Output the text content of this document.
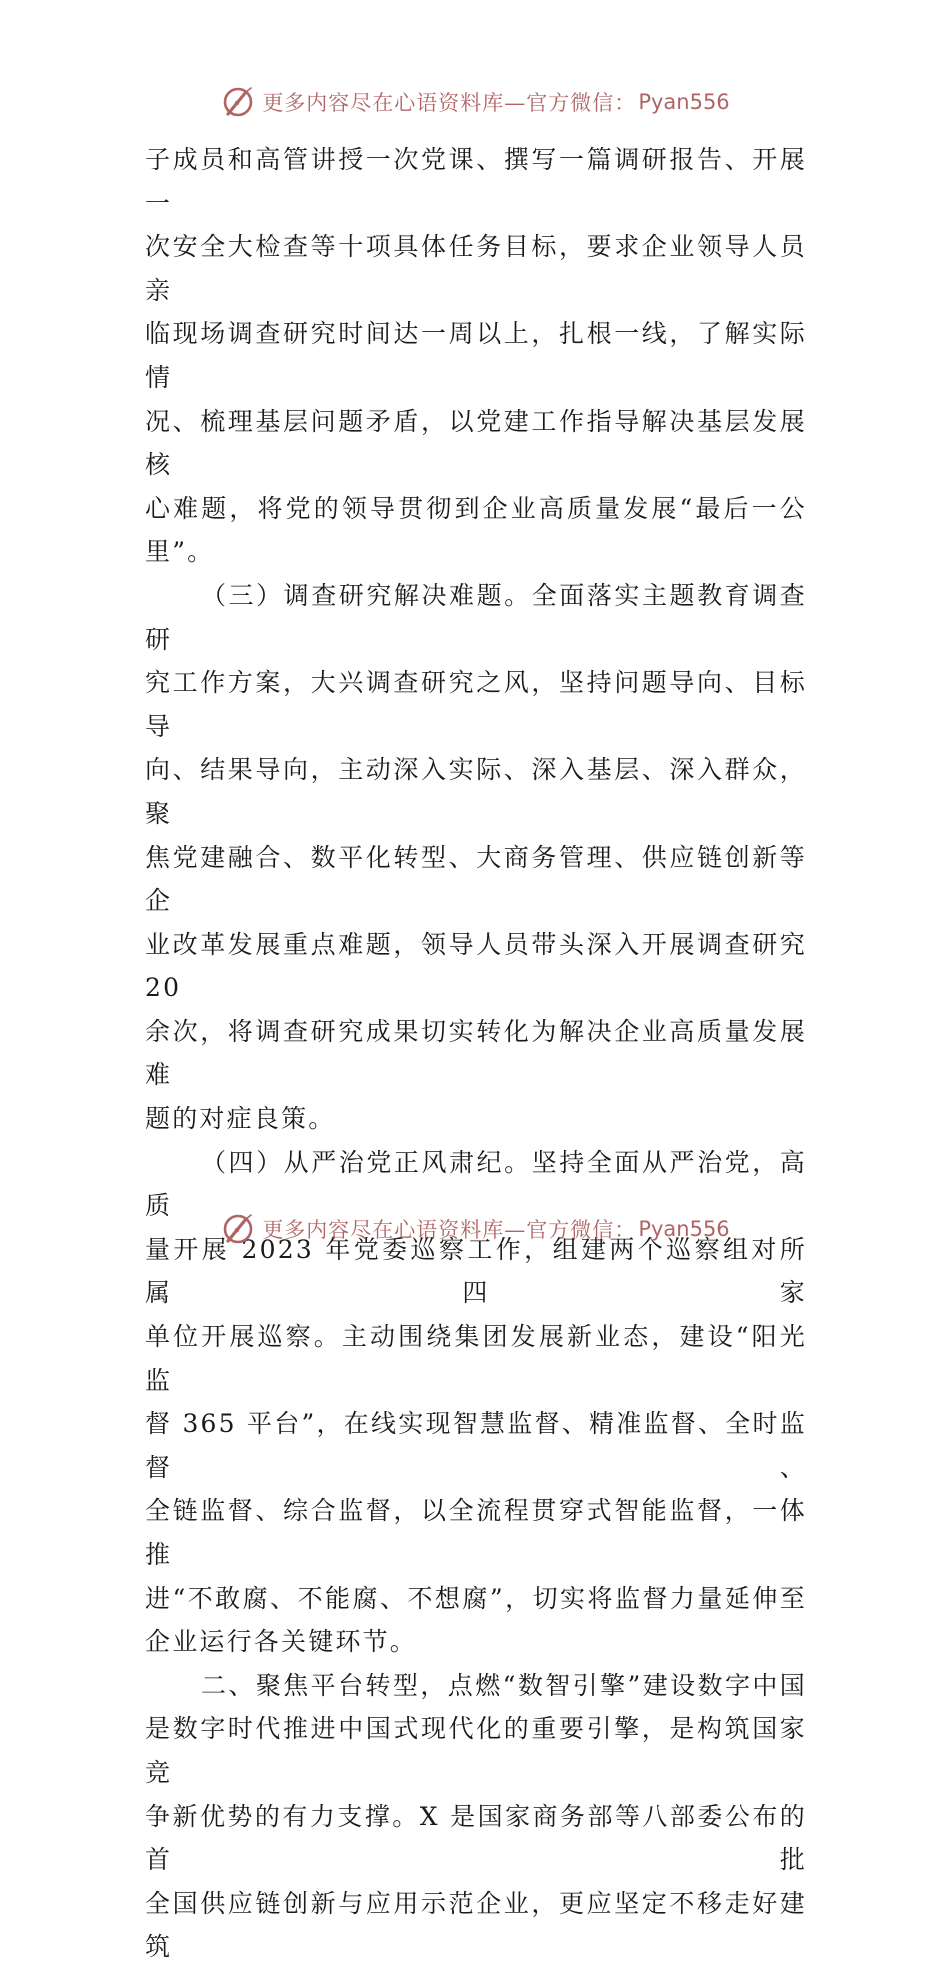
更多内容尽在心语资料库—官方微信： Pyan556

子成员和高管讲授一次党课、撰写一篇调研报告、开展一

次安全大检查等十项具体任务目标，要求企业领导人员亲

临现场调查研究时间达一周以上，扎根一线，了解实际情

况、梳理基层问题矛盾，以党建工作指导解决基层发展核

心难题，将党的领导贯彻到企业高质量发展“最后一公

里”。

（三）调查研究解决难题。全面落实主题教育调查研

究工作方案，大兴调查研究之风，坚持问题导向、目标导

向、结果导向，主动深入实际、深入基层、深入群众，聚

焦党建融合、数平化转型、大商务管理、供应链创新等企

业改革发展重点难题，领导人员带头深入开展调查研究 20

余次，将调查研究成果切实转化为解决企业高质量发展难

题的对症良策。

（四）从严治党正风肃纪。坚持全面从严治党，高质

量开展 2023 年党委巡察工作，组建两个巡察组对所属四家

单位开展巡察。主动围绕集团发展新业态，建设“阳光监

督 365 平台”，在线实现智慧监督、精准监督、全时监督、

全链监督、综合监督，以全流程贯穿式智能监督，一体推

进“不敢腐、不能腐、不想腐”，切实将监督力量延伸至

企业运行各关键环节。

二、聚焦平台转型，点燃“数智引擎”建设数字中国

是数字时代推进中国式现代化的重要引擎，是构筑国家竞

争新优势的有力支撑。X 是国家商务部等八部委公布的首批

全国供应链创新与应用示范企业，更应坚定不移走好建筑

更多内容尽在心语资料库—官方微信： Pyan556
